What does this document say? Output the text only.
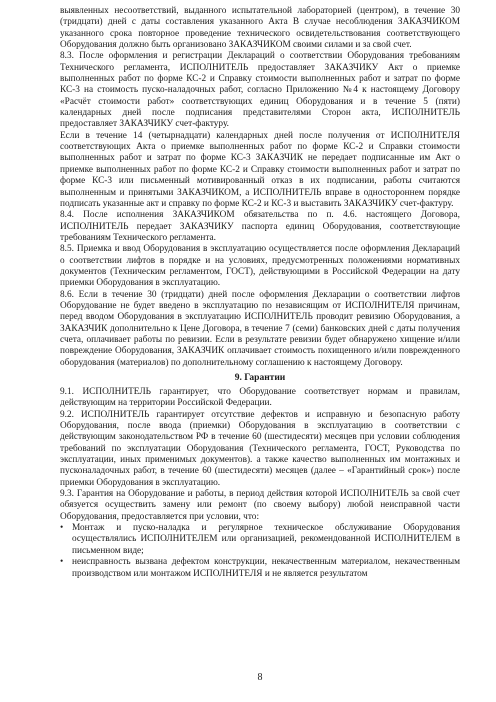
выявленных несоответствий, выданного испытательной лабораторией (центром), в течение 30 (тридцати) дней с даты составления указанного Акта В случае несоблюдения ЗАКАЗЧИКОМ указанного срока повторное проведение технического освидетельствования соответствующего Оборудования должно быть организовано ЗАКАЗЧИКОМ своими силами и за свой счет.

8.3. После оформления и регистрации Деклараций о соответствии Оборудования требованиям Технического регламента, ИСПОЛНИТЕЛЬ предоставляет ЗАКАЗЧИКУ Акт о приемке выполненных работ по форме КС-2 и Справку стоимости выполненных работ и затрат по форме КС-3 на стоимость пуско-наладочных работ, согласно Приложению №4 к настоящему Договору «Расчёт стоимости работ» соответствующих единиц Оборудования и в течение 5 (пяти) календарных дней после подписания представителями Сторон акта, ИСПОЛНИТЕЛЬ предоставляет ЗАКАЗЧИКУ счет-фактуру.

Если в течение 14 (четырнадцати) календарных дней после получения от ИСПОЛНИТЕЛЯ соответствующих Акта о приемке выполненных работ по форме КС-2 и Справки стоимости выполненных работ и затрат по форме КС-3 ЗАКАЗЧИК не передает подписанные им Акт о приемке выполненных работ по форме КС-2 и Справку стоимости выполненных работ и затрат по форме КС-3 или письменный мотивированный отказ в их подписании, работы считаются выполненным и принятыми ЗАКАЗЧИКОМ, а ИСПОЛНИТЕЛЬ вправе в одностороннем порядке подписать указанные акт и справку по форме КС-2 и КС-3 и выставить ЗАКАЗЧИКУ счет-фактуру.

8.4. После исполнения ЗАКАЗЧИКОМ обязательства по п. 4.6. настоящего Договора, ИСПОЛНИТЕЛЬ передает ЗАКАЗЧИКУ паспорта единиц Оборудования, соответствующие требованиям Технического регламента.

8.5. Приемка и ввод Оборудования в эксплуатацию осуществляется после оформления Деклараций о соответствии лифтов в порядке и на условиях, предусмотренных положениями нормативных документов (Техническим регламентом, ГОСТ), действующими в Российской Федерации на дату приемки Оборудования в эксплуатацию.

8.6. Если в течение 30 (тридцати) дней после оформления Декларации о соответствии лифтов Оборудование не будет введено в эксплуатацию по независящим от ИСПОЛНИТЕЛЯ причинам, перед вводом Оборудования в эксплуатацию ИСПОЛНИТЕЛЬ проводит ревизию Оборудования, а ЗАКАЗЧИК дополнительно к Цене Договора, в течение 7 (семи) банковских дней с даты получения счета, оплачивает работы по ревизии. Если в результате ревизии будет обнаружено хищение и/или повреждение Оборудования, ЗАКАЗЧИК оплачивает стоимость похищенного и/или поврежденного оборудования (материалов) по дополнительному соглашению к настоящему Договору.

9. Гарантии

9.1. ИСПОЛНИТЕЛЬ гарантирует, что Оборудование соответствует нормам и правилам, действующим на территории Российской Федерации.

9.2. ИСПОЛНИТЕЛЬ гарантирует отсутствие дефектов и исправную и безопасную работу Оборудования, после ввода (приемки) Оборудования в эксплуатацию в соответствии с действующим законодательством РФ в течение 60 (шестидесяти) месяцев при условии соблюдения требований по эксплуатации Оборудования (Технического регламента, ГОСТ, Руководства по эксплуатации, иных применимых документов). а также качество выполненных им монтажных и пусконаладочных работ, в течение 60 (шестидесяти) месяцев (далее – «Гарантийный срок») после приемки Оборудования в эксплуатацию.

9.3. Гарантия на Оборудование и работы, в период действия которой ИСПОЛНИТЕЛЬ за свой счет обязуется осуществить замену или ремонт (по своему выбору) любой неисправной части Оборудования, предоставляется при условии, что:

• Монтаж и пуско-наладка и регулярное техническое обслуживание Оборудования осуществлялись ИСПОЛНИТЕЛЕМ или организацией, рекомендованной ИСПОЛНИТЕЛЕМ в письменном виде;

• неисправность вызвана дефектом конструкции, некачественным материалом, некачественным производством или монтажом ИСПОЛНИТЕЛЯ и не является результатом

8
